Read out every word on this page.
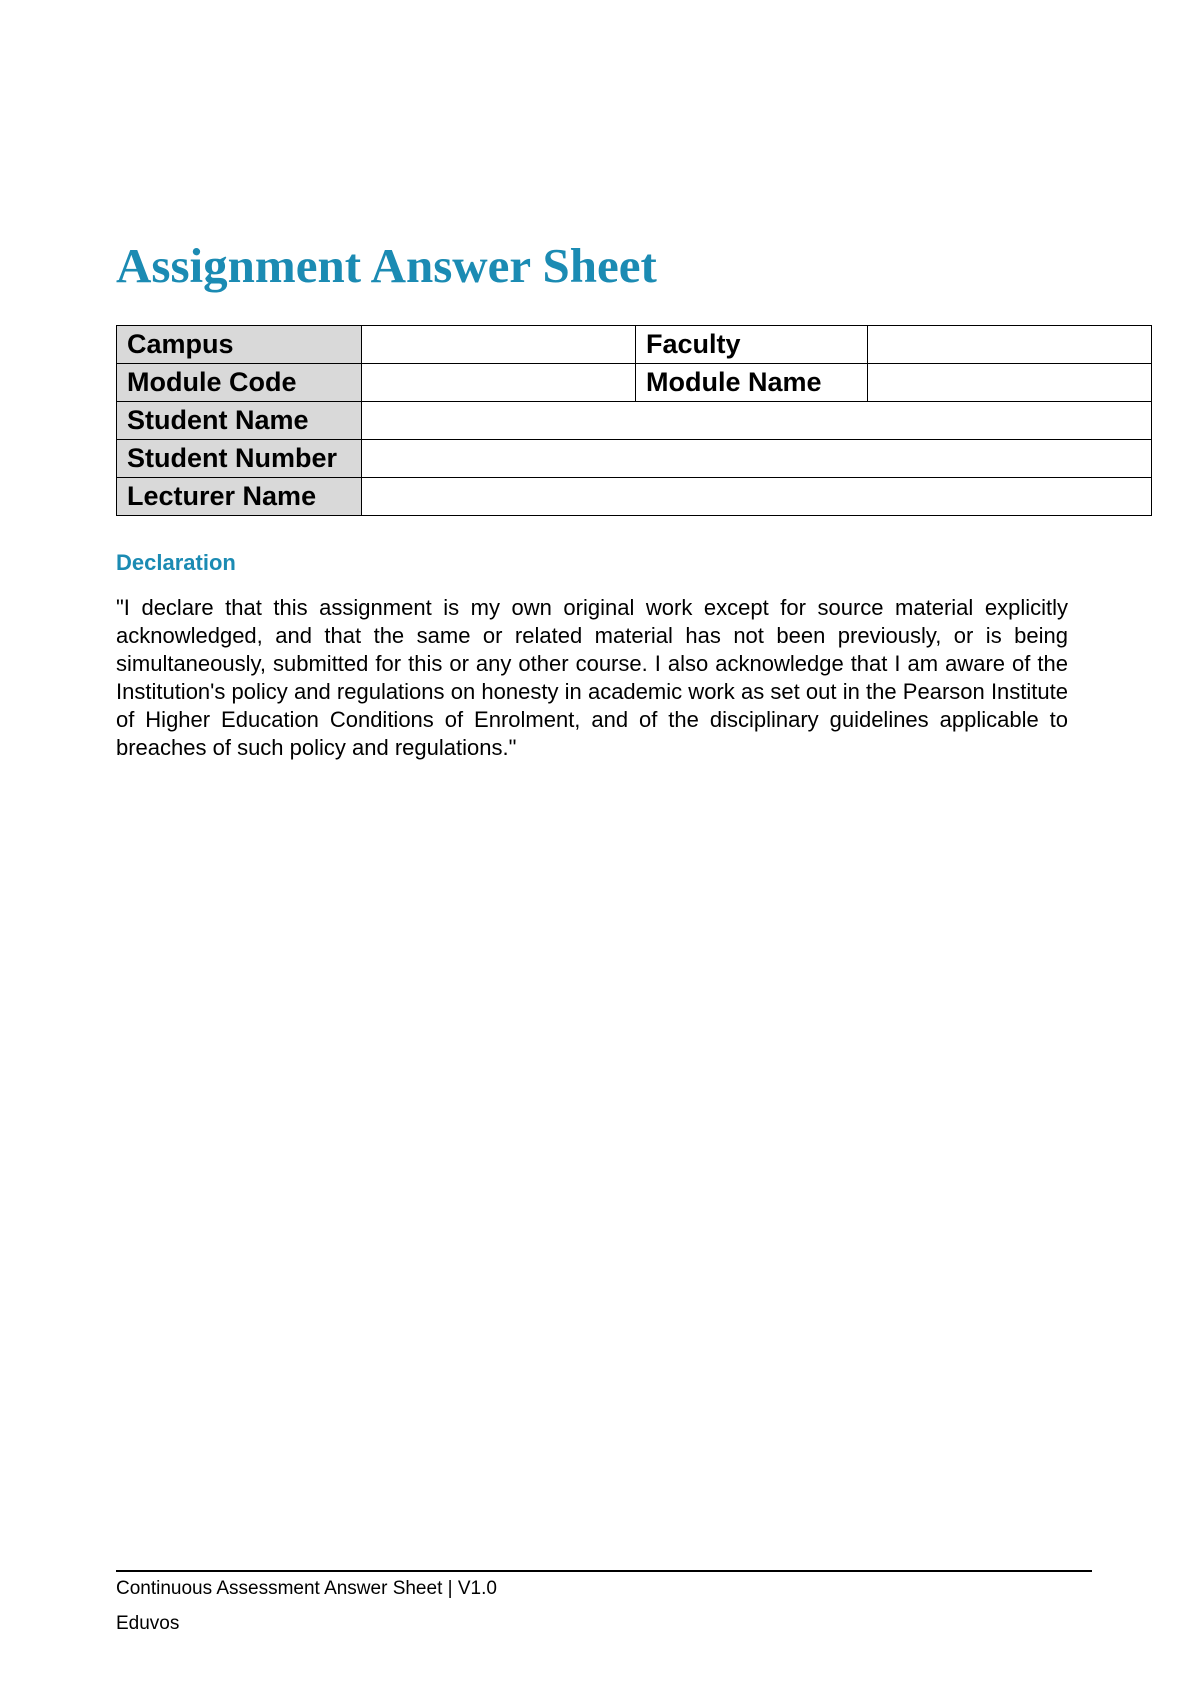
Assignment Answer Sheet
Campus		Faculty	
Module Code		Module Name	
Student Name			
Student Number			
Lecturer Name			
Declaration

"I declare that this assignment is my own original work except for source material explicitly acknowledged, and that the same or related material has not been previously, or is being simultaneously, submitted for this or any other course. I also acknowledge that I am aware of the Institution's policy and regulations on honesty in academic work as set out in the Pearson Institute of Higher Education Conditions of Enrolment, and of the disciplinary guidelines applicable to breaches of such policy and regulations."

Continuous Assessment Answer Sheet | V1.0
Eduvos
